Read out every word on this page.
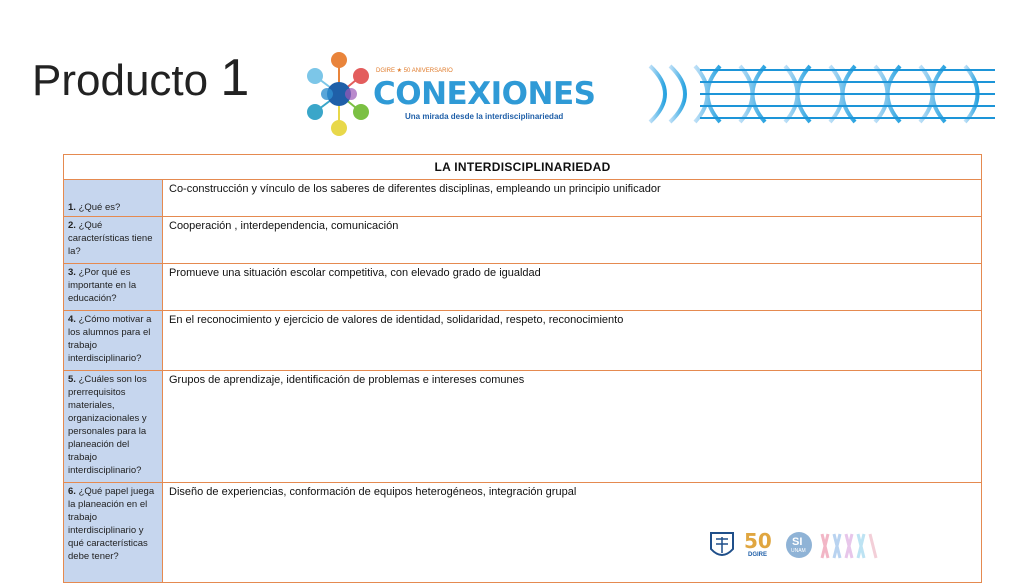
Producto 1	DGIRE ★ 50 ANIVERSARIO
CONEXIONES
Una mirada desde la interdisciplinariedad
LA INTERDISCIPLINARIEDAD	
1. ¿Qué es?	Co-construcción y vínculo de los saberes de diferentes disciplinas, empleando un principio unificador
2. ¿Qué características tiene la?	Cooperación , interdependencia, comunicación
3. ¿Por qué es importante en la educación?	Promueve una situación escolar competitiva, con elevado grado de igualdad
4. ¿Cómo motivar a los alumnos para el trabajo interdisciplinario?	En el reconocimiento y ejercicio de valores de identidad, solidaridad, respeto, reconocimiento
5. ¿Cuáles son los prerrequisitos materiales, organizacionales y personales para la planeación del trabajo interdisciplinario?	Grupos de aprendizaje, identificación de problemas e intereses comunes
6. ¿Qué papel juega la planeación en el trabajo interdisciplinario y qué características debe tener?	Diseño de experiencias, conformación de equipos heterogéneos, integración grupal
50
DGIRE
SI
UNAM
